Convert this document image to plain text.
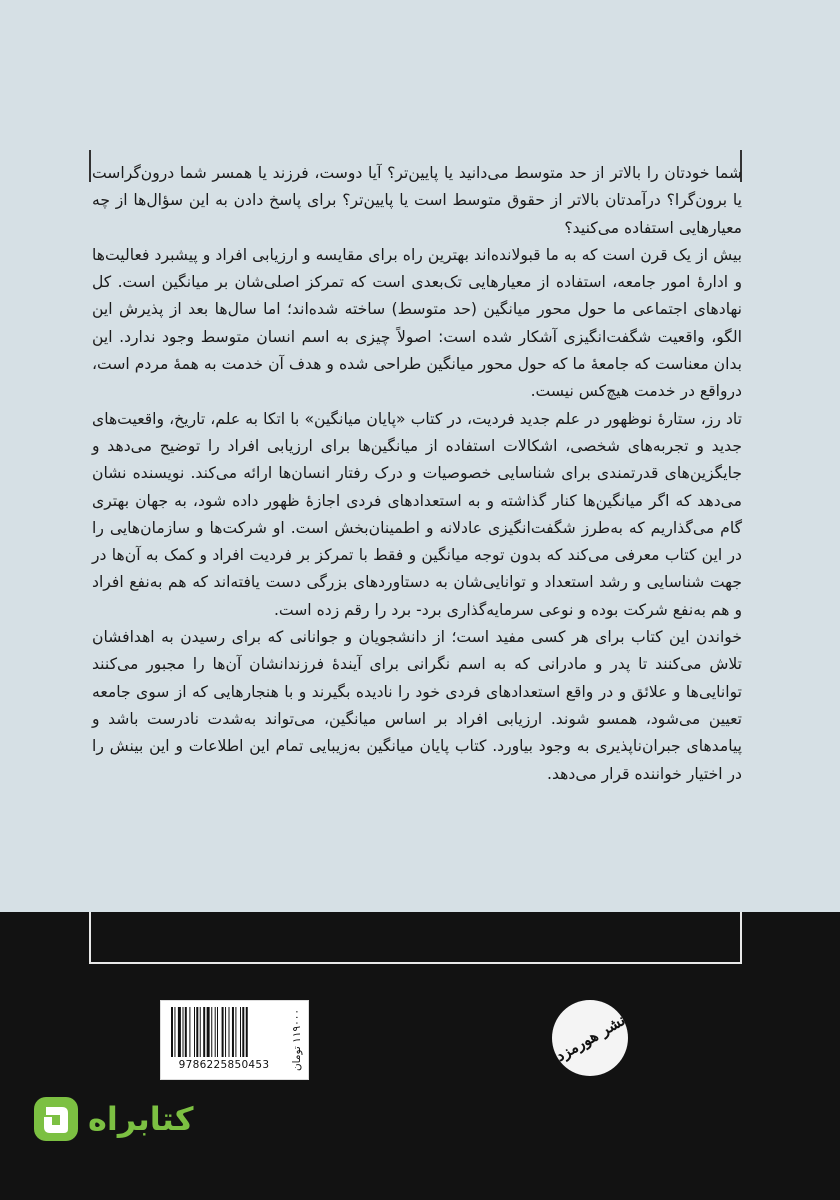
شما خودتان را بالاتر از حد متوسط می‌دانید یا پایین‌تر؟ آیا دوست، فرزند یا همسر شما درون‌گراست یا برون‌گرا؟ درآمدتان بالاتر از حقوق متوسط است یا پایین‌تر؟ برای پاسخ دادن به این سؤال‌ها از چه معیارهایی استفاده می‌کنید؟

بیش از یک قرن است که به ما قبولانده‌اند بهترین راه برای مقایسه و ارزیابی افراد و پیشبرد فعالیت‌ها و ادارهٔ امور جامعه، استفاده از معیارهایی تک‌بعدی است که تمرکز اصلی‌شان بر میانگین است. کل نهادهای اجتماعی ما حول محور میانگین (حد متوسط) ساخته شده‌اند؛ اما سال‌ها بعد از پذیرش این الگو، واقعیت شگفت‌انگیزی آشکار شده است: اصولاً چیزی به اسم انسان متوسط وجود ندارد. این بدان معناست که جامعهٔ ما که حول محور میانگین طراحی شده و هدف آن خدمت به همهٔ مردم است، درواقع در خدمت هیچ‌کس نیست.

تاد رز، ستارهٔ نوظهور در علم جدید فردیت، در کتاب «پایان میانگین» با اتکا به علم، تاریخ، واقعیت‌های جدید و تجربه‌های شخصی، اشکالات استفاده از میانگین‌ها برای ارزیابی افراد را توضیح می‌دهد و جایگزین‌های قدرتمندی برای شناسایی خصوصیات و درک رفتار انسان‌ها ارائه می‌کند. نویسنده نشان می‌دهد که اگر میانگین‌ها کنار گذاشته و به استعدادهای فردی اجازهٔ ظهور داده شود، به جهان بهتری گام می‌گذاریم که به‌طرز شگفت‌انگیزی عادلانه و اطمینان‌بخش است. او شرکت‌ها و سازمان‌هایی را در این کتاب معرفی می‌کند که بدون توجه میانگین و فقط با تمرکز بر فردیت افراد و کمک به آن‌ها در جهت شناسایی و رشد استعداد و توانایی‌شان به دستاوردهای بزرگی دست یافته‌اند که هم به‌نفع افراد و هم به‌نفع شرکت بوده و نوعی سرمایه‌گذاری برد- برد را رقم زده است.

خواندن این کتاب برای هر کسی مفید است؛ از دانشجویان و جوانانی که برای رسیدن به اهدافشان تلاش می‌کنند تا پدر و مادرانی که به اسم نگرانی برای آیندهٔ فرزندانشان آن‌ها را مجبور می‌کنند توانایی‌ها و علائق و در واقع استعدادهای فردی خود را نادیده بگیرند و با هنجارهایی که از سوی جامعه تعیین می‌شود، همسو شوند. ارزیابی افراد بر اساس میانگین، می‌تواند به‌شدت نادرست باشد و پیامدهای جبران‌ناپذیری به وجود بیاورد. کتاب پایان میانگین به‌زیبایی تمام این اطلاعات و این بینش را در اختیار خواننده قرار می‌دهد.

9786225850453	۱۱۹۰۰۰ تومان	نشر هورمزد
کتابراه
